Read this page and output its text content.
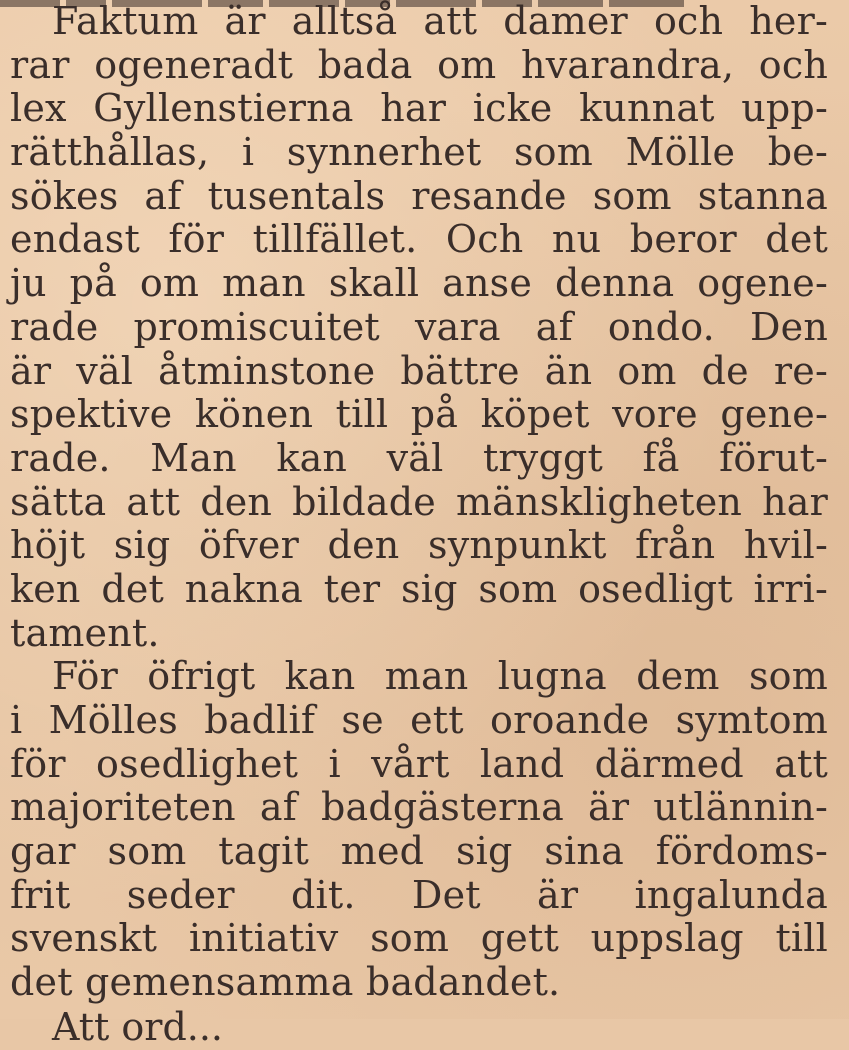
Faktum är alltså att damer och her-
rar ogeneradt bada om hvarandra, och
lex Gyllenstierna har icke kunnat upp-
rätthållas, i synnerhet som Mölle be-
sökes af tusentals resande som stanna
endast för tillfället. Och nu beror det
ju på om man skall anse denna ogene-
rade promiscuitet vara af ondo. Den
är väl åtminstone bättre än om de re-
spektive könen till på köpet vore gene-
rade. Man kan väl tryggt få förut-
sätta att den bildade mänskligheten har
höjt sig öfver den synpunkt från hvil-
ken det nakna ter sig som osedligt irri-
tament.
För öfrigt kan man lugna dem som
i Mölles badlif se ett oroande symtom
för osedlighet i vårt land därmed att
majoriteten af badgästerna är utlännin-
gar som tagit med sig sina fördoms-
frit seder dit. Det är ingalunda
svenskt initiativ som gett uppslag till
det gemensamma badandet.
Att ord...
